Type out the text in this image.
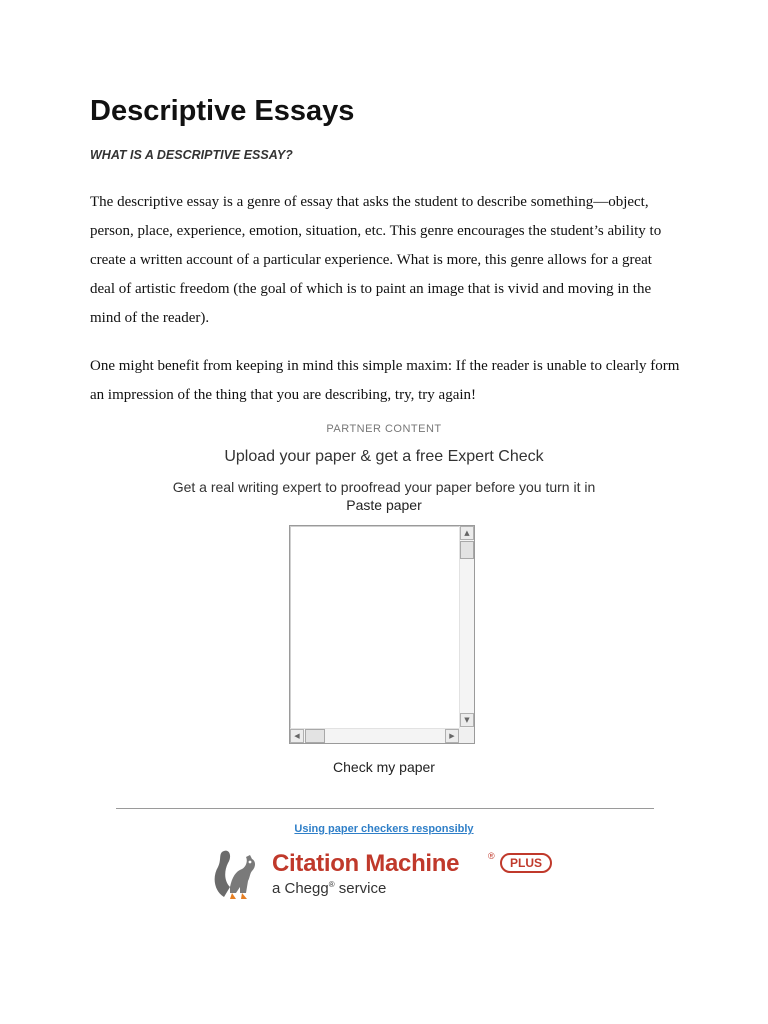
Descriptive Essays
WHAT IS A DESCRIPTIVE ESSAY?

The descriptive essay is a genre of essay that asks the student to describe something—object, person, place, experience, emotion, situation, etc. This genre encourages the student’s ability to create a written account of a particular experience. What is more, this genre allows for a great deal of artistic freedom (the goal of which is to paint an image that is vivid and moving in the mind of the reader).

One might benefit from keeping in mind this simple maxim: If the reader is unable to clearly form an impression of the thing that you are describing, try, try again!

PARTNER CONTENT
Upload your paper & get a free Expert Check
Get a real writing expert to proofread your paper before you turn it in
Paste paper
▲
▼
◀	▶
Check my paper
Using paper checkers responsibly
Citation Machine	®	PLUS
a Chegg® service
